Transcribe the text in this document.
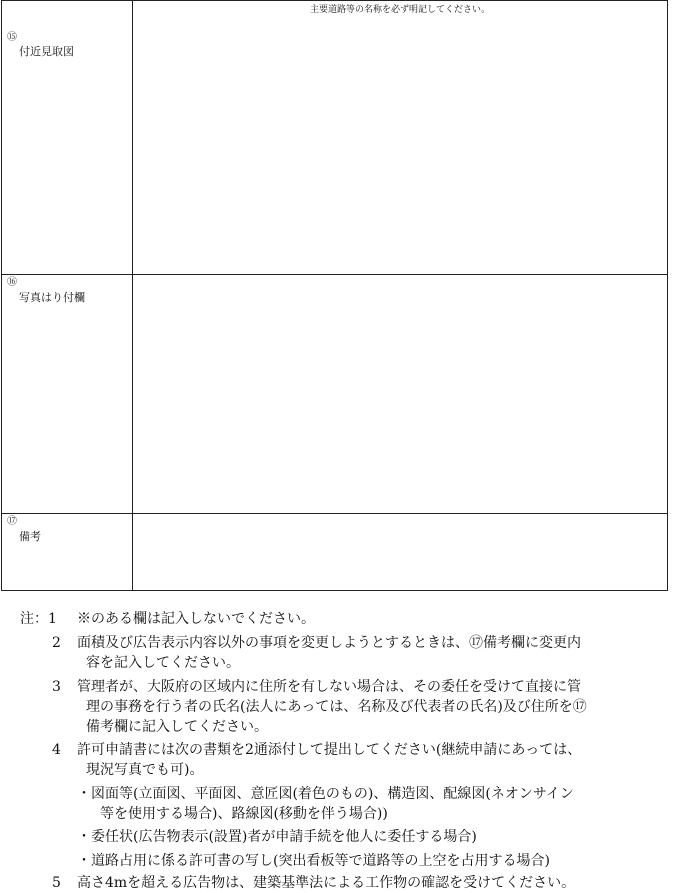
⑮
付近見取図
主要道路等の名称を必ず明記してください。
⑯
写真はり付欄
⑰
備考
注：1 ※のある欄は記入しないでください。
2 面積及び広告表示内容以外の事項を変更しようとするときは、⑰備考欄に変更内
容を記入してください。
3 管理者が、大阪府の区域内に住所を有しない場合は、その委任を受けて直接に管
理の事務を行う者の氏名(法人にあっては、名称及び代表者の氏名)及び住所を⑰
備考欄に記入してください。
4 許可申請書には次の書類を2通添付して提出してください(継続申請にあっては、
現況写真でも可)。
・図面等(立面図、平面図、意匠図(着色のもの)、構造図、配線図(ネオンサイン
等を使用する場合)、路線図(移動を伴う場合))
・委任状(広告物表示(設置)者が申請手続を他人に委任する場合)
・道路占用に係る許可書の写し(突出看板等で道路等の上空を占用する場合)
5 高さ4mを超える広告物は、建築基準法による工作物の確認を受けてください。
